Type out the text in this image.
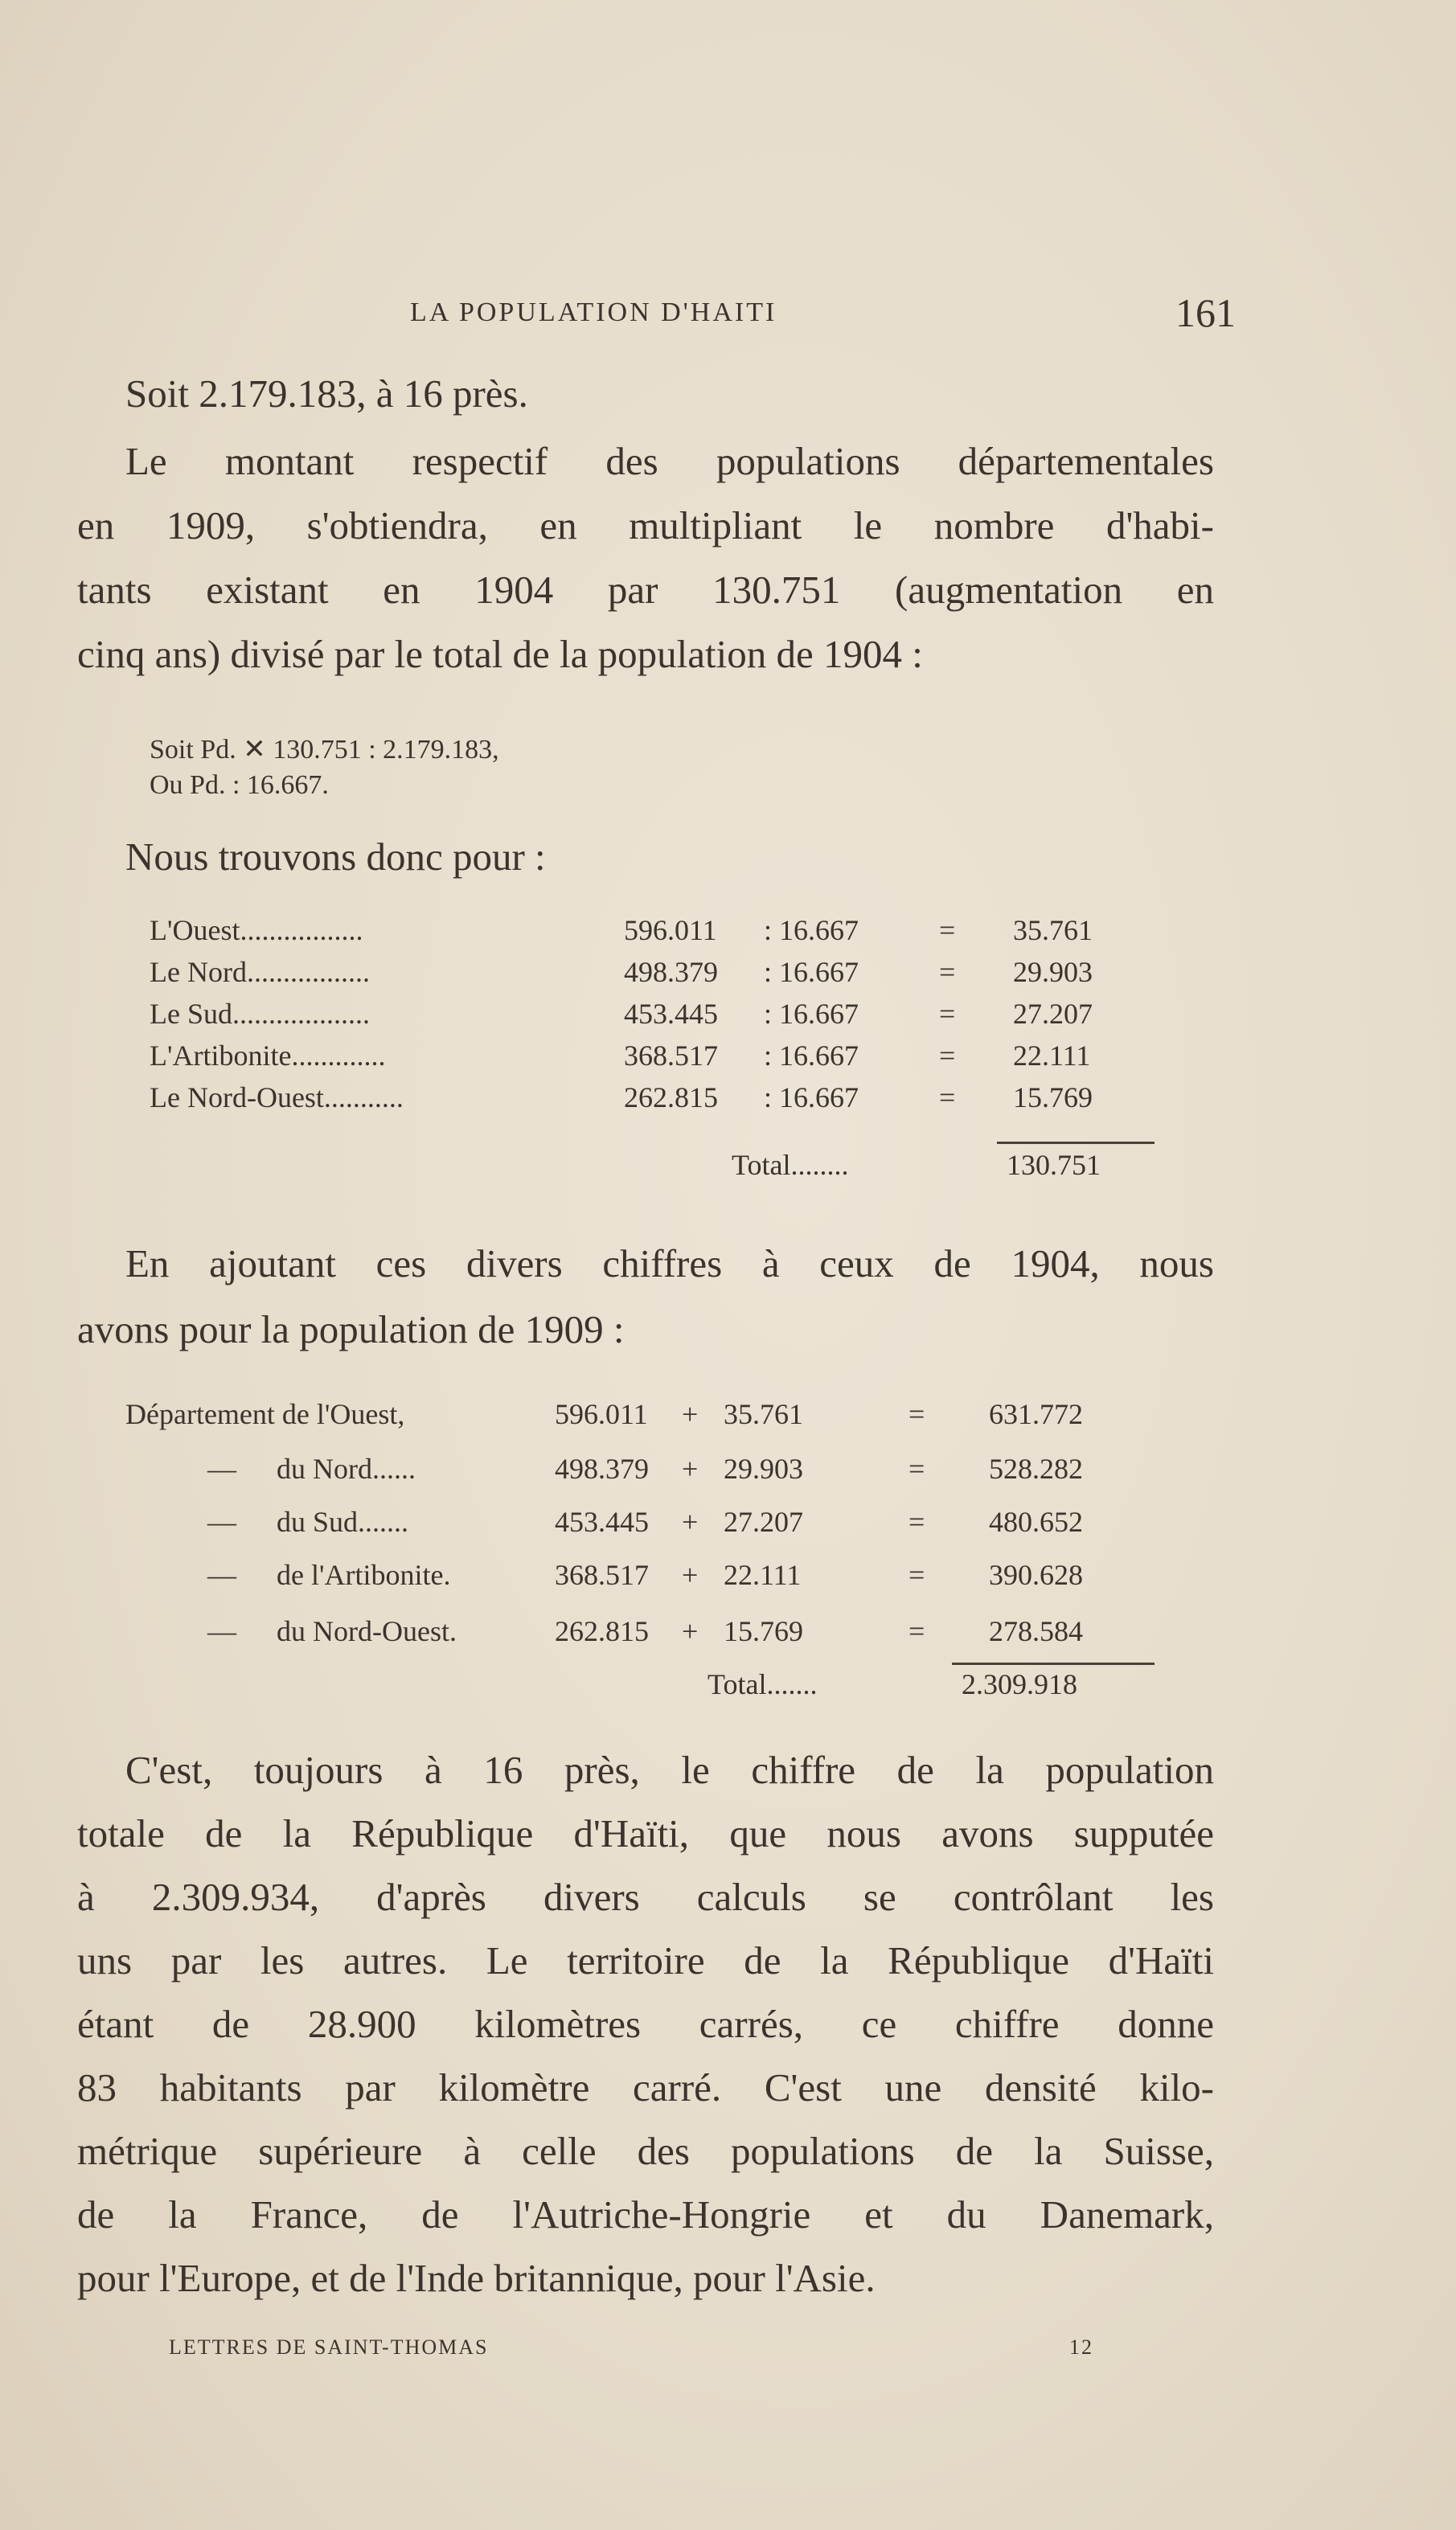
LA POPULATION D'HAITI	161
Soit 2.179.183, à 16 près.
Le montant respectif des populations départementales
en 1909, s'obtiendra, en multipliant le nombre d'habi-
tants existant en 1904 par 130.751 (augmentation en
cinq ans) divisé par le total de la population de 1904 :
Soit Pd. ✕ 130.751 : 2.179.183,
Ou Pd. : 16.667.
Nous trouvons donc pour :
L'Ouest.................	596.011 : 16.667	= 35.761
Le Nord.................	498.379 : 16.667	= 29.903
Le Sud...................	453.445 : 16.667	= 27.207
L'Artibonite.............	368.517 : 16.667	= 22.111
Le Nord-Ouest...........	262.815 : 16.667	= 15.769
Total........	130.751
Département de l'Ouest,	596.011 + 35.761	= 631.772
— du Nord......	498.379 + 29.903	= 528.282
— du Sud.......	453.445 + 27.207	= 480.652
— de l'Artibonite.	368.517 + 22.111	= 390.628
— du Nord-Ouest.	262.815 + 15.769	= 278.584
Total.......	2.309.918
En ajoutant ces divers chiffres à ceux de 1904, nous
avons pour la population de 1909 :
C'est, toujours à 16 près, le chiffre de la population
totale de la République d'Haïti, que nous avons supputée
à 2.309.934, d'après divers calculs se contrôlant les
uns par les autres. Le territoire de la République d'Haïti
étant de 28.900 kilomètres carrés, ce chiffre donne
83 habitants par kilomètre carré. C'est une densité kilo-
métrique supérieure à celle des populations de la Suisse,
de la France, de l'Autriche-Hongrie et du Danemark,
pour l'Europe, et de l'Inde britannique, pour l'Asie.
LETTRES DE SAINT-THOMAS	12
